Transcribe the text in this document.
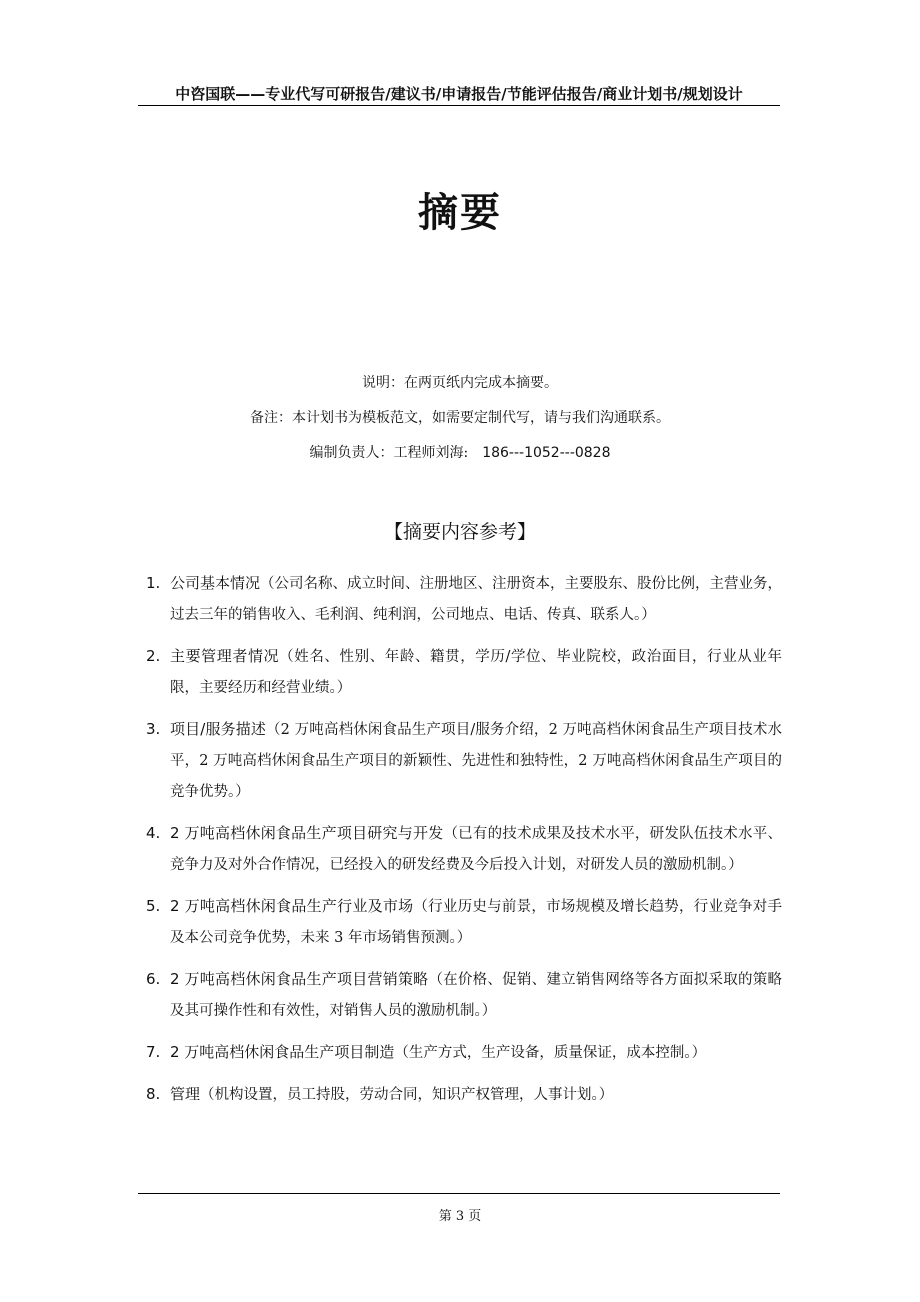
中咨国联——专业代写可研报告/建议书/申请报告/节能评估报告/商业计划书/规划设计
摘要

说明：在两页纸内完成本摘要。

备注：本计划书为模板范文，如需要定制代写，请与我们沟通联系。

编制负责人：工程师刘海: 186---1052---0828

【摘要内容参考】
1. 公司基本情况（公司名称、成立时间、注册地区、注册资本，主要股东、股份比例，主营业务，过去三年的销售收入、毛利润、纯利润，公司地点、电话、传真、联系人。）
2. 主要管理者情况（姓名、性别、年龄、籍贯，学历/学位、毕业院校，政治面目，行业从业年限，主要经历和经营业绩。）
3. 项目/服务描述（2 万吨高档休闲食品生产项目/服务介绍，2 万吨高档休闲食品生产项目技术水平，2 万吨高档休闲食品生产项目的新颖性、先进性和独特性，2 万吨高档休闲食品生产项目的竞争优势。）
4. 2 万吨高档休闲食品生产项目研究与开发（已有的技术成果及技术水平，研发队伍技术水平、竞争力及对外合作情况，已经投入的研发经费及今后投入计划，对研发人员的激励机制。）
5. 2 万吨高档休闲食品生产行业及市场（行业历史与前景，市场规模及增长趋势，行业竞争对手及本公司竞争优势，未来 3 年市场销售预测。）
6. 2 万吨高档休闲食品生产项目营销策略（在价格、促销、建立销售网络等各方面拟采取的策略及其可操作性和有效性，对销售人员的激励机制。）
7. 2 万吨高档休闲食品生产项目制造（生产方式，生产设备，质量保证，成本控制。）
8. 管理（机构设置，员工持股，劳动合同，知识产权管理，人事计划。）
第 3 页
